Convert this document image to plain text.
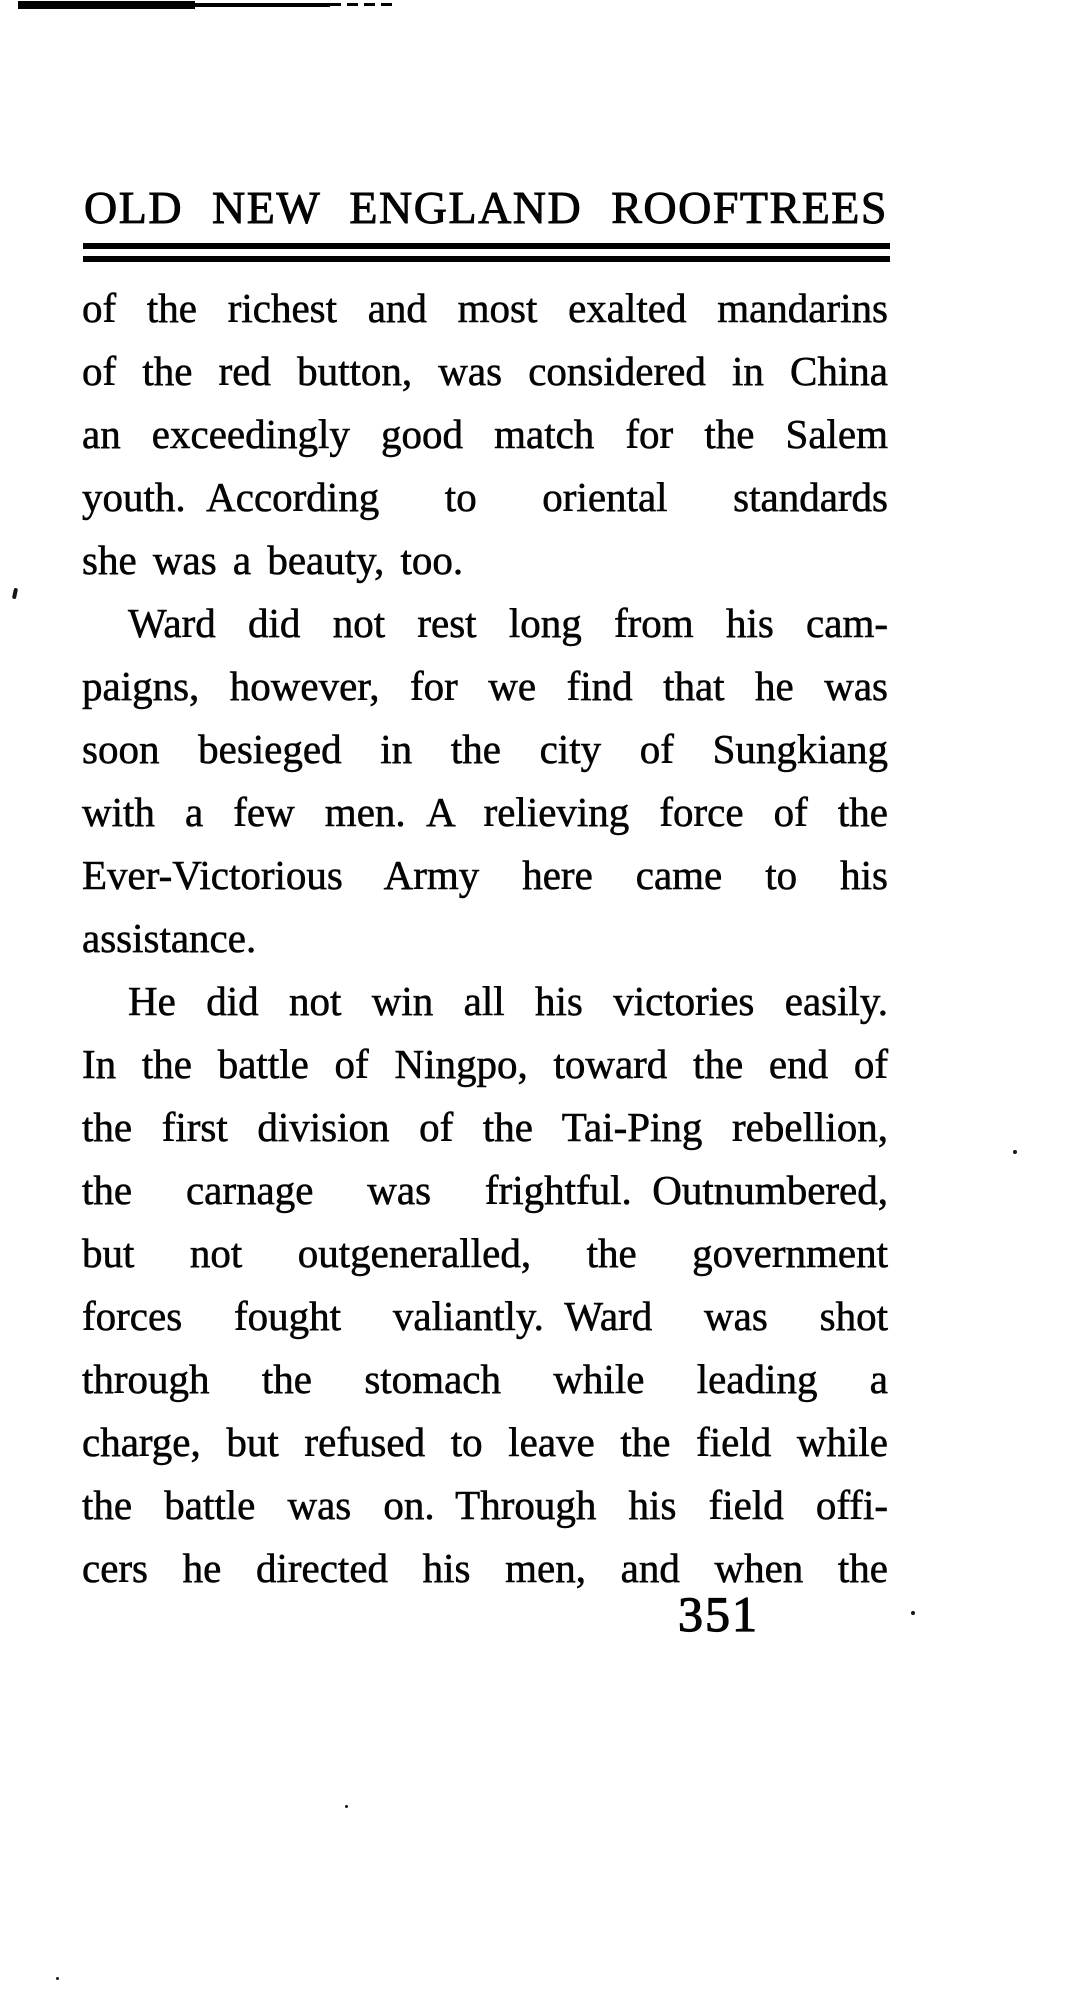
OLD NEW ENGLAND ROOFTREES
of the richest and most exalted mandarins
of the red button, was considered in China
an exceedingly good match for the Salem
youth. According to oriental standards
she was a beauty, too.
Ward did not rest long from his cam-
paigns, however, for we find that he was
soon besieged in the city of Sungkiang
with a few men. A relieving force of the
Ever-Victorious Army here came to his
assistance.
He did not win all his victories easily.
In the battle of Ningpo, toward the end of
the first division of the Tai-Ping rebellion,
the carnage was frightful. Outnumbered,
but not outgeneralled, the government
forces fought valiantly. Ward was shot
through the stomach while leading a
charge, but refused to leave the field while
the battle was on. Through his field offi-
cers he directed his men, and when the
351
